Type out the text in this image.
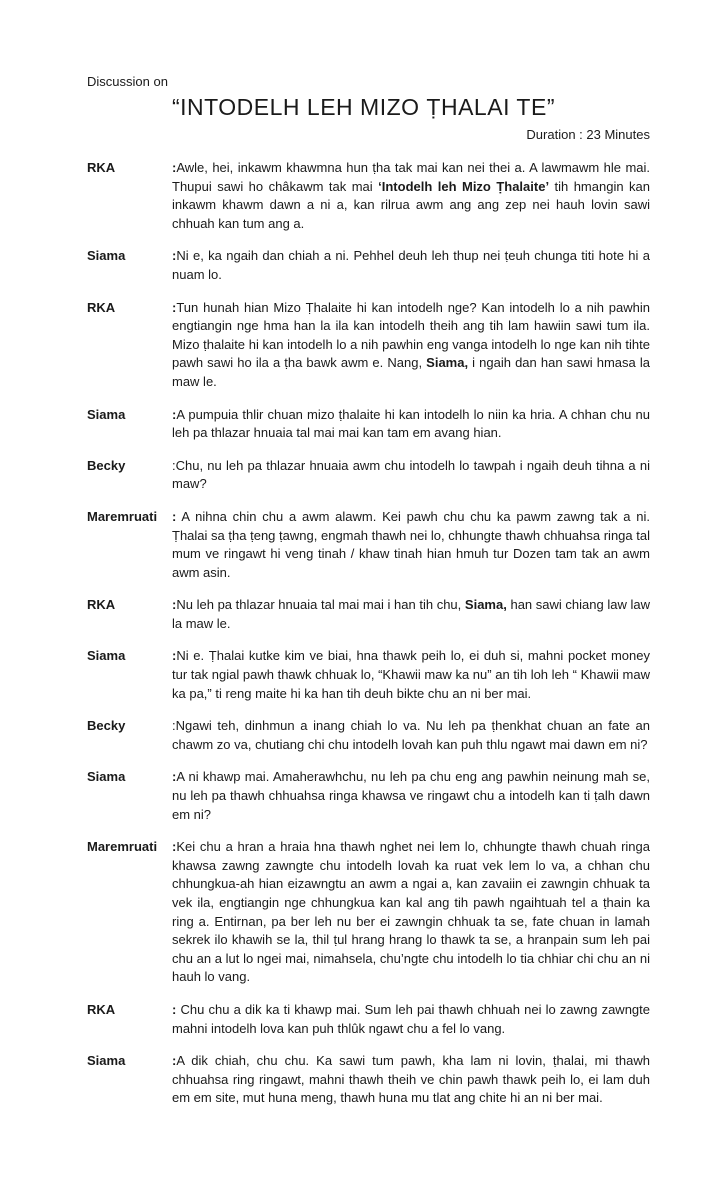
Discussion on
“INTODELH LEH MIZO ṬHALAI TE”
Duration : 23 Minutes
RKA	:Awle, hei, inkawm khawmna hun ṭha tak mai kan nei thei a. A lawmawm hle mai. Thupui sawi ho châkawm tak mai ‘Intodelh leh Mizo Ṭhalaite’ tih hmangin kan inkawm khawm dawn a ni a, kan rilrua awm ang ang zep nei hauh lovin sawi chhuah kan tum ang a.
Siama	:Ni e, ka ngaih dan chiah a ni. Pehhel deuh leh thup nei ṭeuh chunga titi hote hi a nuam lo.
RKA	:Tun hunah hian Mizo Ṭhalaite hi kan intodelh nge? Kan intodelh lo a nih pawhin engtiangin nge hma han la ila kan intodelh theih ang tih lam hawiin sawi tum ila. Mizo ṭhalaite hi kan intodelh lo a nih pawhin eng vanga intodelh lo nge kan nih tihte pawh sawi ho ila a ṭha bawk awm e. Nang, Siama, i ngaih dan han sawi hmasa la maw le.
Siama	:A pumpuia thlir chuan mizo ṭhalaite hi kan intodelh lo niin ka hria. A chhan chu nu leh pa thlazar hnuaia tal mai mai kan tam em avang hian.
Becky	:Chu, nu leh pa thlazar hnuaia awm chu intodelh lo tawpah i ngaih deuh tihna a ni maw?
Maremruati	: A nihna chin chu a awm alawm. Kei pawh chu chu ka pawm zawng tak a ni. Ṭhalai sa ṭha ṭeng ṭawng, engmah thawh nei lo, chhungte thawh chhuahsa ringa tal mum ve ringawt hi veng tinah / khaw tinah hian hmuh tur Dozen tam tak an awm awm asin.
RKA	:Nu leh pa thlazar hnuaia tal mai mai i han tih chu, Siama, han sawi chiang law law la maw le.
Siama	:Ni e. Ṭhalai kutke kim ve biai, hna thawk peih lo, ei duh si, mahni pocket money tur tak ngial pawh thawk chhuak lo, “Khawii maw ka nu” an tih loh leh “ Khawii maw ka pa,” ti reng maite hi ka han tih deuh bikte chu an ni ber mai.
Becky	:Ngawi teh, dinhmun a inang chiah lo va. Nu leh pa ṭhenkhat chuan an fate an chawm zo va, chutiang chi chu intodelh lovah kan puh thlu ngawt mai dawn em ni?
Siama	:A ni khawp mai. Amaherawhchu, nu leh pa chu eng ang pawhin neinung mah se, nu leh pa thawh chhuahsa ringa khawsa ve ringawt chu a intodelh kan ti ṭalh dawn em ni?
Maremruati	:Kei chu a hran a hraia hna thawh nghet nei lem lo, chhungte thawh chuah ringa khawsa zawng zawngte chu intodelh lovah ka ruat vek lem lo va, a chhan chu chhungkua-ah hian eizawngtu an awm a ngai a, kan zavaiin ei zawngin chhuak ta vek ila, engtiangin nge chhungkua kan kal ang tih pawh ngaihtuah tel a ṭhain ka ring a. Entirnan, pa ber leh nu ber ei zawngin chhuak ta se, fate chuan in lamah sekrek ilo khawih se la, thil ṭul hrang hrang lo thawk ta se, a hranpain sum leh pai chu an a lut lo ngei mai, nimahsela, chu’ngte chu intodelh lo tia chhiar chi chu an ni hauh lo vang.
RKA	: Chu chu a dik ka ti khawp mai. Sum leh pai thawh chhuah nei lo zawng zawngte mahni intodelh lova kan puh thlûk ngawt chu a fel lo vang.
Siama	:A dik chiah, chu chu. Ka sawi tum pawh, kha lam ni lovin, ṭhalai, mi thawh chhuahsa ring ringawt, mahni thawh theih ve chin pawh thawk peih lo, ei lam duh em em site, mut huna meng, thawh huna mu tlat ang chite hi an ni ber mai.
